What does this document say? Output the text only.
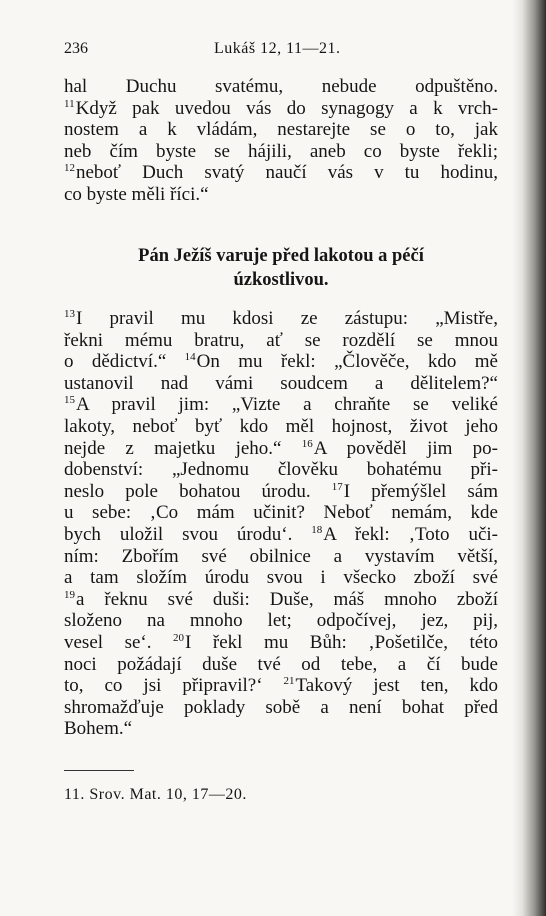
236	Lukáš 12, 11—21.
hal Duchu svatému, nebude odpuštěno.
$^{11}$Když pak uvedou vás do synagogy a k vrch-
nostem a k vládám, nestarejte se o to, jak
neb čím byste se hájili, aneb co byste řekli;
$^{12}$neboť Duch svatý naučí vás v tu hodinu,
co byste měli říci.“
Pán Ježíš varuje před lakotou a péčí
úzkostlivou.
$^{13}$I pravil mu kdosi ze zástupu: „Mistře,
řekni mému bratru, ať se rozdělí se mnou
o dědictví.“ $^{14}$On mu řekl: „Člověče, kdo mě
ustanovil nad vámi soudcem a dělitelem?“
$^{15}$A pravil jim: „Vizte a chraňte se veliké
lakoty, neboť byť kdo měl hojnost, život jeho
nejde z majetku jeho.“ $^{16}$A pověděl jim po-
dobenství: „Jednomu člověku bohatému při-
neslo pole bohatou úrodu. $^{17}$I přemýšlel sám
u sebe: ‚Co mám učinit? Neboť nemám, kde
bych uložil svou úrodu‘. $^{18}$A řekl: ‚Toto uči-
ním: Zbořím své obilnice a vystavím větší,
a tam složím úrodu svou i všecko zboží své
$^{19}$a řeknu své duši: Duše, máš mnoho zboží
složeno na mnoho let; odpočívej, jez, pij,
vesel se‘. $^{20}$I řekl mu Bůh: ‚Pošetilče, této
noci požádají duše tvé od tebe, a čí bude
to, co jsi připravil?‘ $^{21}$Takový jest ten, kdo
shromažďuje poklady sobě a není bohat před
Bohem.“
11. Srov. Mat. 10, 17—20.
